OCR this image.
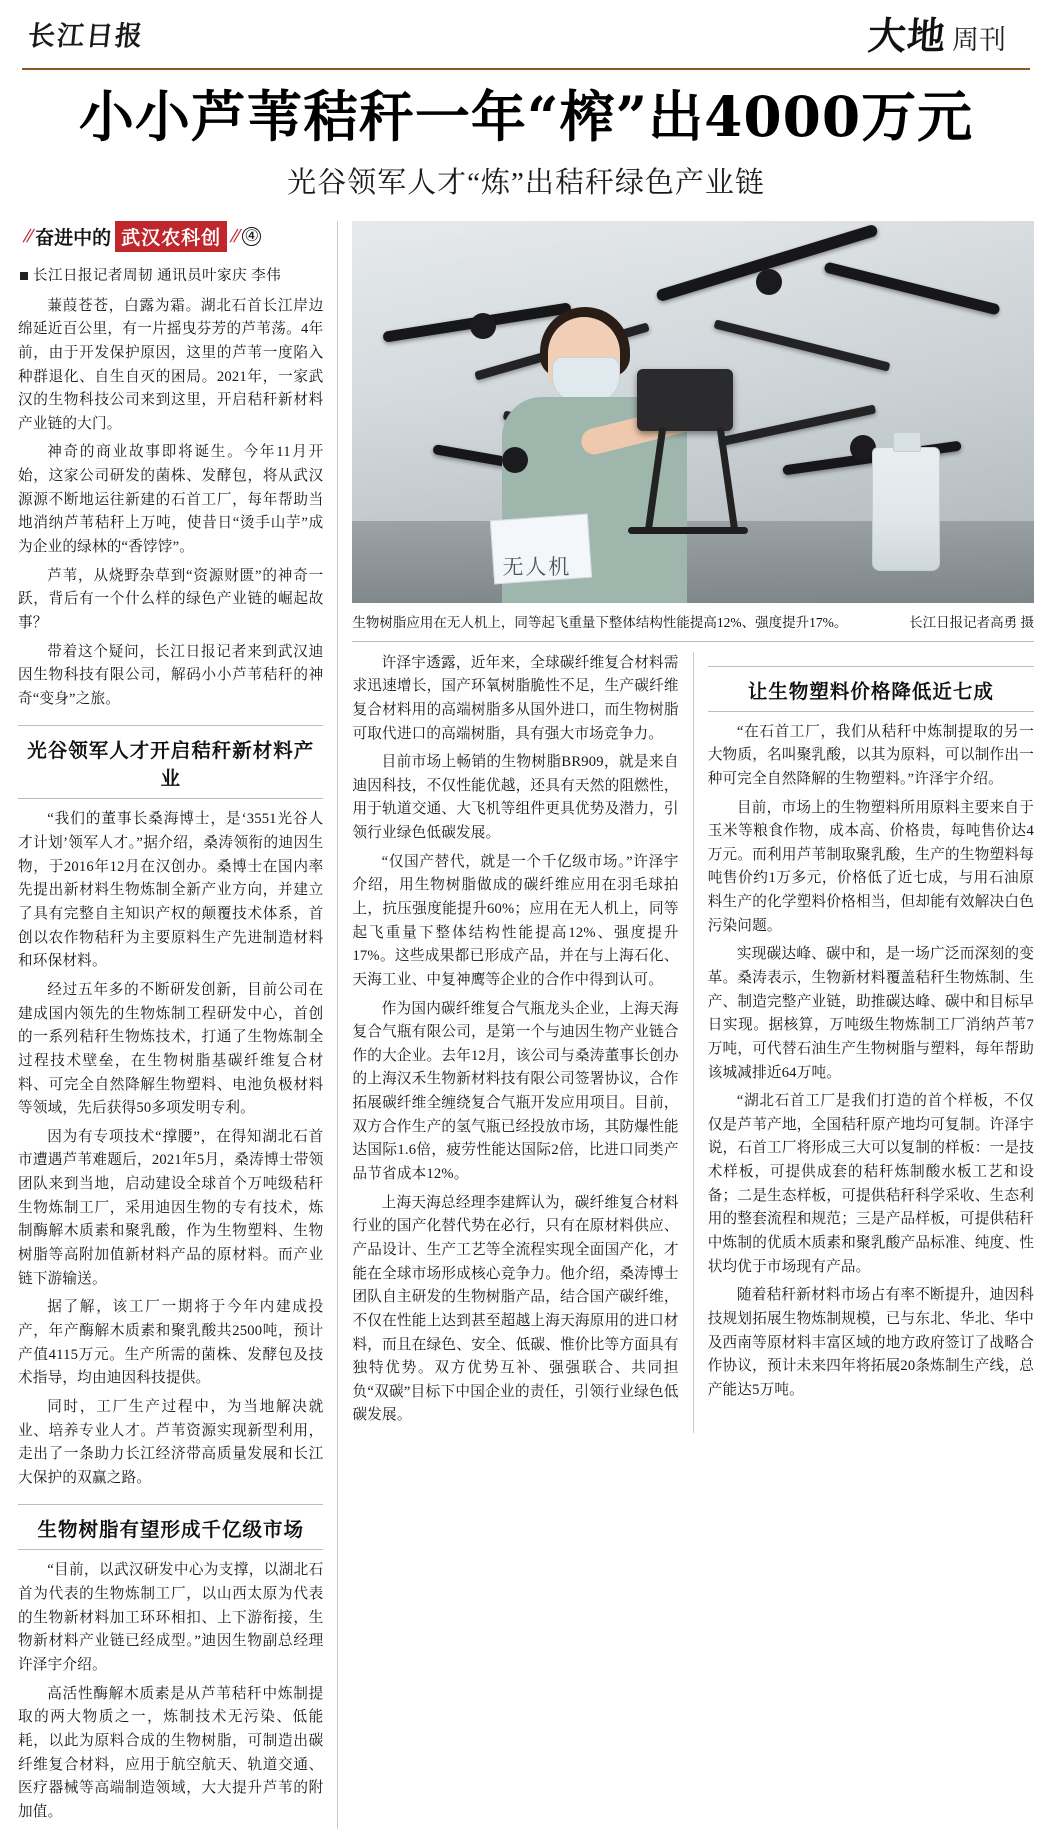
长江日报	大地 周刊
小小芦苇秸秆一年“榨”出4000万元
光谷领军人才“炼”出秸秆绿色产业链
// 奋进中的 武汉农科创 // ④
长江日报记者周韧 通讯员叶家庆 李伟

蒹葭苍苍，白露为霜。湖北石首长江岸边绵延近百公里，有一片摇曳芬芳的芦苇荡。4年前，由于开发保护原因，这里的芦苇一度陷入种群退化、自生自灭的困局。2021年，一家武汉的生物科技公司来到这里，开启秸秆新材料产业链的大门。

神奇的商业故事即将诞生。今年11月开始，这家公司研发的菌株、发酵包，将从武汉源源不断地运往新建的石首工厂，每年帮助当地消纳芦苇秸秆上万吨，使昔日“烫手山芋”成为企业的绿林的“香饽饽”。

芦苇，从烧野杂草到“资源财匮”的神奇一跃，背后有一个什么样的绿色产业链的崛起故事？

带着这个疑问，长江日报记者来到武汉迪因生物科技有限公司，解码小小芦苇秸秆的神奇“变身”之旅。

光谷领军人才开启秸秆新材料产业

“我们的董事长桑海博士，是‘3551光谷人才计划’领军人才。”据介绍，桑涛领衔的迪因生物，于2016年12月在汉创办。桑博士在国内率先提出新材料生物炼制全新产业方向，并建立了具有完整自主知识产权的颠覆技术体系，首创以农作物秸秆为主要原料生产先进制造材料和环保材料。

经过五年多的不断研发创新，目前公司在建成国内领先的生物炼制工程研发中心，首创的一系列秸秆生物炼技术，打通了生物炼制全过程技术壁垒，在生物树脂基碳纤维复合材料、可完全自然降解生物塑料、电池负极材料等领域，先后获得50多项发明专利。

因为有专项技术“撑腰”，在得知湖北石首市遭遇芦苇难题后，2021年5月，桑涛博士带领团队来到当地，启动建设全球首个万吨级秸秆生物炼制工厂，采用迪因生物的专有技术，炼制酶解木质素和聚乳酸，作为生物塑料、生物树脂等高附加值新材料产品的原材料。而产业链下游输送。

据了解，该工厂一期将于今年内建成投产，年产酶解木质素和聚乳酸共2500吨，预计产值4115万元。生产所需的菌株、发酵包及技术指导，均由迪因科技提供。

同时，工厂生产过程中，为当地解决就业、培养专业人才。芦苇资源实现新型利用，走出了一条助力长江经济带高质量发展和长江大保护的双赢之路。

生物树脂有望形成千亿级市场

“目前，以武汉研发中心为支撑，以湖北石首为代表的生物炼制工厂，以山西太原为代表的生物新材料加工环环相扣、上下游衔接，生物新材料产业链已经成型。”迪因生物副总经理许泽宇介绍。

高活性酶解木质素是从芦苇秸秆中炼制提取的两大物质之一，炼制技术无污染、低能耗，以此为原料合成的生物树脂，可制造出碳纤维复合材料，应用于航空航天、轨道交通、医疗器械等高端制造领域，大大提升芦苇的附加值。

无人机
生物树脂应用在无人机上，同等起飞重量下整体结构性能提高12%、强度提升17%。	长江日报记者高勇 摄

许泽宇透露，近年来，全球碳纤维复合材料需求迅速增长，国产环氧树脂脆性不足，生产碳纤维复合材料用的高端树脂多从国外进口，而生物树脂可取代进口的高端树脂，具有强大市场竞争力。

目前市场上畅销的生物树脂BR909，就是来自迪因科技，不仅性能优越，还具有天然的阻燃性，用于轨道交通、大飞机等组件更具优势及潜力，引领行业绿色低碳发展。

“仅国产替代，就是一个千亿级市场。”许泽宇介绍，用生物树脂做成的碳纤维应用在羽毛球拍上，抗压强度能提升60%；应用在无人机上，同等起飞重量下整体结构性能提高12%、强度提升17%。这些成果都已形成产品，并在与上海石化、天海工业、中复神鹰等企业的合作中得到认可。

作为国内碳纤维复合气瓶龙头企业，上海天海复合气瓶有限公司，是第一个与迪因生物产业链合作的大企业。去年12月，该公司与桑涛董事长创办的上海汉禾生物新材料技有限公司签署协议，合作拓展碳纤维全缠绕复合气瓶开发应用项目。目前，双方合作生产的氢气瓶已经投放市场，其防爆性能达国际1.6倍，疲劳性能达国际2倍，比进口同类产品节省成本12%。

上海天海总经理李建辉认为，碳纤维复合材料行业的国产化替代势在必行，只有在原材料供应、产品设计、生产工艺等全流程实现全面国产化，才能在全球市场形成核心竞争力。他介绍，桑涛博士团队自主研发的生物树脂产品，结合国产碳纤维，不仅在性能上达到甚至超越上海天海原用的进口材料，而且在绿色、安全、低碳、惟价比等方面具有独特优势。双方优势互补、强强联合、共同担负“双碳”目标下中国企业的责任，引领行业绿色低碳发展。

让生物塑料价格降低近七成

“在石首工厂，我们从秸秆中炼制提取的另一大物质，名叫聚乳酸，以其为原料，可以制作出一种可完全自然降解的生物塑料。”许泽宇介绍。

目前，市场上的生物塑料所用原料主要来自于玉米等粮食作物，成本高、价格贵，每吨售价达4万元。而利用芦苇制取聚乳酸，生产的生物塑料每吨售价约1万多元，价格低了近七成，与用石油原料生产的化学塑料价格相当，但却能有效解决白色污染问题。

实现碳达峰、碳中和，是一场广泛而深刻的变革。桑涛表示，生物新材料覆盖秸秆生物炼制、生产、制造完整产业链，助推碳达峰、碳中和目标早日实现。据核算，万吨级生物炼制工厂消纳芦苇7万吨，可代替石油生产生物树脂与塑料，每年帮助该城减排近64万吨。

“湖北石首工厂是我们打造的首个样板，不仅仅是芦苇产地，全国秸秆原产地均可复制。许泽宇说，石首工厂将形成三大可以复制的样板：一是技术样板，可提供成套的秸秆炼制酸水板工艺和设备；二是生态样板，可提供秸秆科学采收、生态利用的整套流程和规范；三是产品样板，可提供秸秆中炼制的优质木质素和聚乳酸产品标准、纯度、性状均优于市场现有产品。

随着秸秆新材料市场占有率不断提升，迪因科技规划拓展生物炼制规模，已与东北、华北、华中及西南等原材料丰富区域的地方政府签订了战略合作协议，预计未来四年将拓展20条炼制生产线，总产能达5万吨。
